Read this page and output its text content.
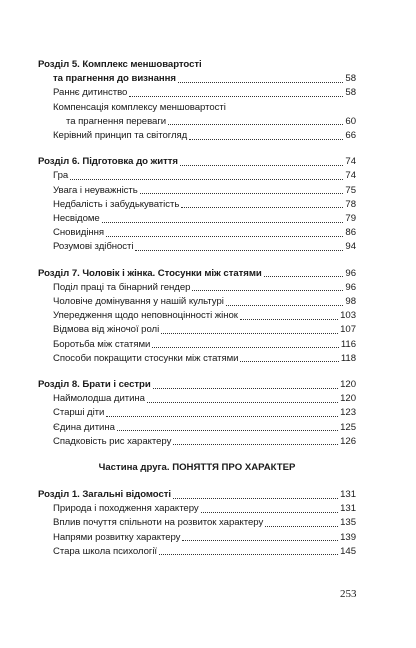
Розділ 5. Комплекс меншовартості
та прагнення до визнання	58
Раннє дитинство	58
Компенсація комплексу меншовартості
та прагнення переваги	60
Керівний принцип та світогляд	66
Розділ 6. Підготовка до життя	74
Гра	74
Увага і неуважність	75
Недбалість і забудькуватість	78
Несвідоме	79
Сновидіння	86
Розумові здібності	94
Розділ 7. Чоловік і жінка. Стосунки між статями	96
Поділ праці та бінарний гендер	96
Чоловіче домінування у нашій культурі	98
Упередження щодо неповноцінності жінок	103
Відмова від жіночої ролі	107
Боротьба між статями	116
Способи покращити стосунки між статями	118
Розділ 8. Брати і сестри	120
Наймолодша дитина	120
Старші діти	123
Єдина дитина	125
Спадковість рис характеру	126
Частина друга. ПОНЯТТЯ ПРО ХАРАКТЕР
Розділ 1. Загальні відомості	131
Природа і походження характеру	131
Вплив почуття спільноти на розвиток характеру	135
Напрями розвитку характеру	139
Стара школа психології	145
253
